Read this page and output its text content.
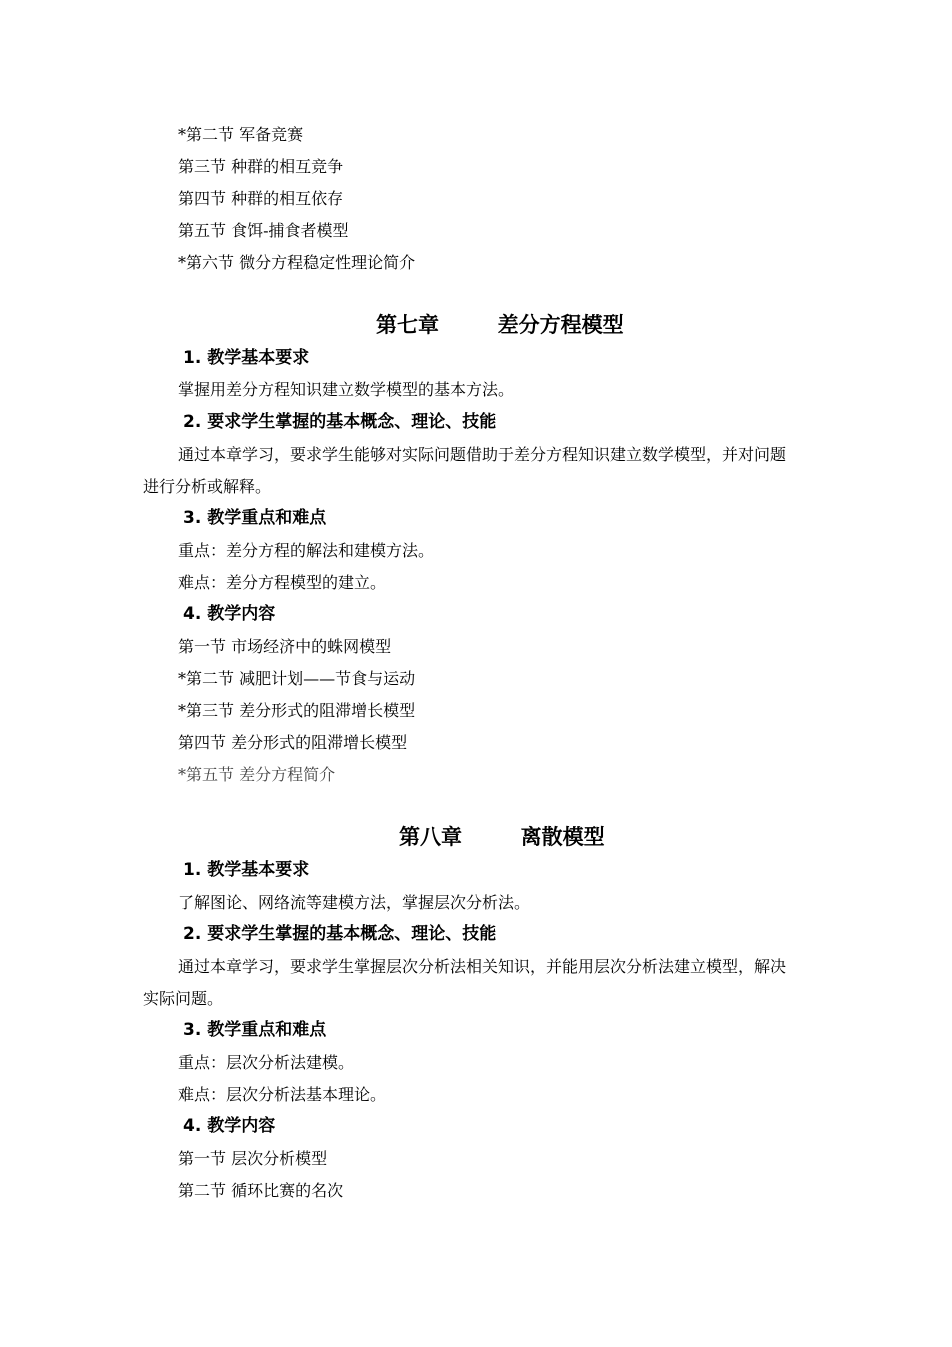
*第二节 军备竞赛
第三节 种群的相互竞争
第四节 种群的相互依存
第五节 食饵-捕食者模型
*第六节 微分方程稳定性理论简介
第七章	差分方程模型
1. 教学基本要求
掌握用差分方程知识建立数学模型的基本方法。
2. 要求学生掌握的基本概念、理论、技能
通过本章学习，要求学生能够对实际问题借助于差分方程知识建立数学模型，并对问题
进行分析或解释。
3. 教学重点和难点
重点：差分方程的解法和建模方法。
难点：差分方程模型的建立。
4. 教学内容
第一节 市场经济中的蛛网模型
*第二节 减肥计划——节食与运动
*第三节 差分形式的阻滞增长模型
第四节 差分形式的阻滞增长模型
*第五节 差分方程简介
第八章	离散模型
1. 教学基本要求
了解图论、网络流等建模方法，掌握层次分析法。
2. 要求学生掌握的基本概念、理论、技能
通过本章学习，要求学生掌握层次分析法相关知识，并能用层次分析法建立模型，解决
实际问题。
3. 教学重点和难点
重点：层次分析法建模。
难点：层次分析法基本理论。
4. 教学内容
第一节 层次分析模型
第二节 循环比赛的名次
